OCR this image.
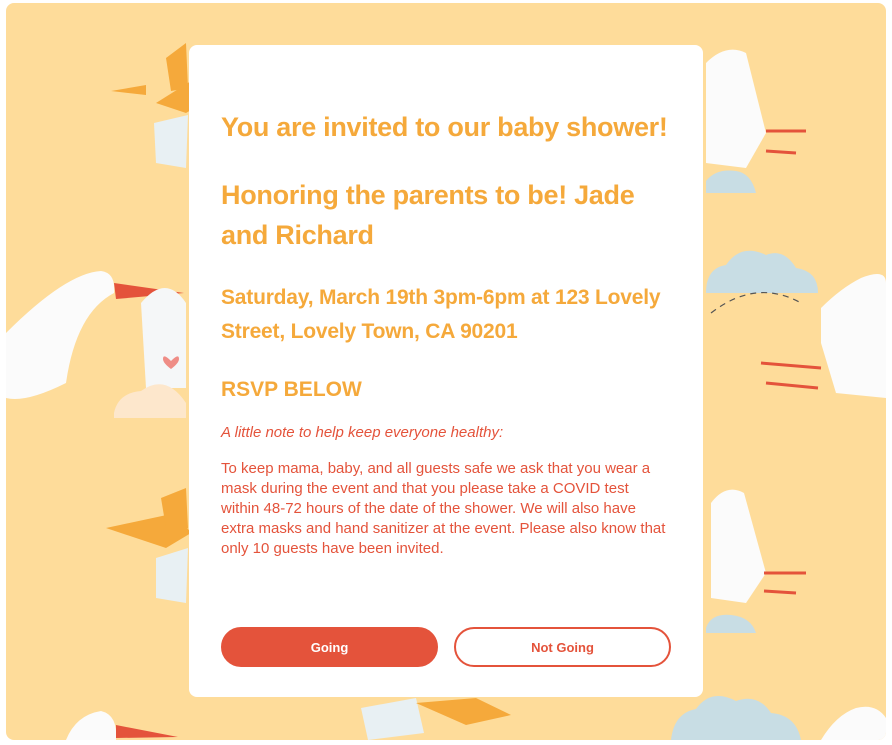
You are invited to our baby shower!
Honoring the parents to be! Jade and Richard
Saturday, March 19th 3pm-6pm at 123 Lovely Street, Lovely Town, CA 90201
RSVP BELOW
A little note to help keep everyone healthy:
To keep mama, baby, and all guests safe we ask that you wear a mask during the event and that you please take a COVID test within 48-72 hours of the date of the shower. We will also have extra masks and hand sanitizer at the event. Please also know that only 10 guests have been invited.
Going	Not Going
